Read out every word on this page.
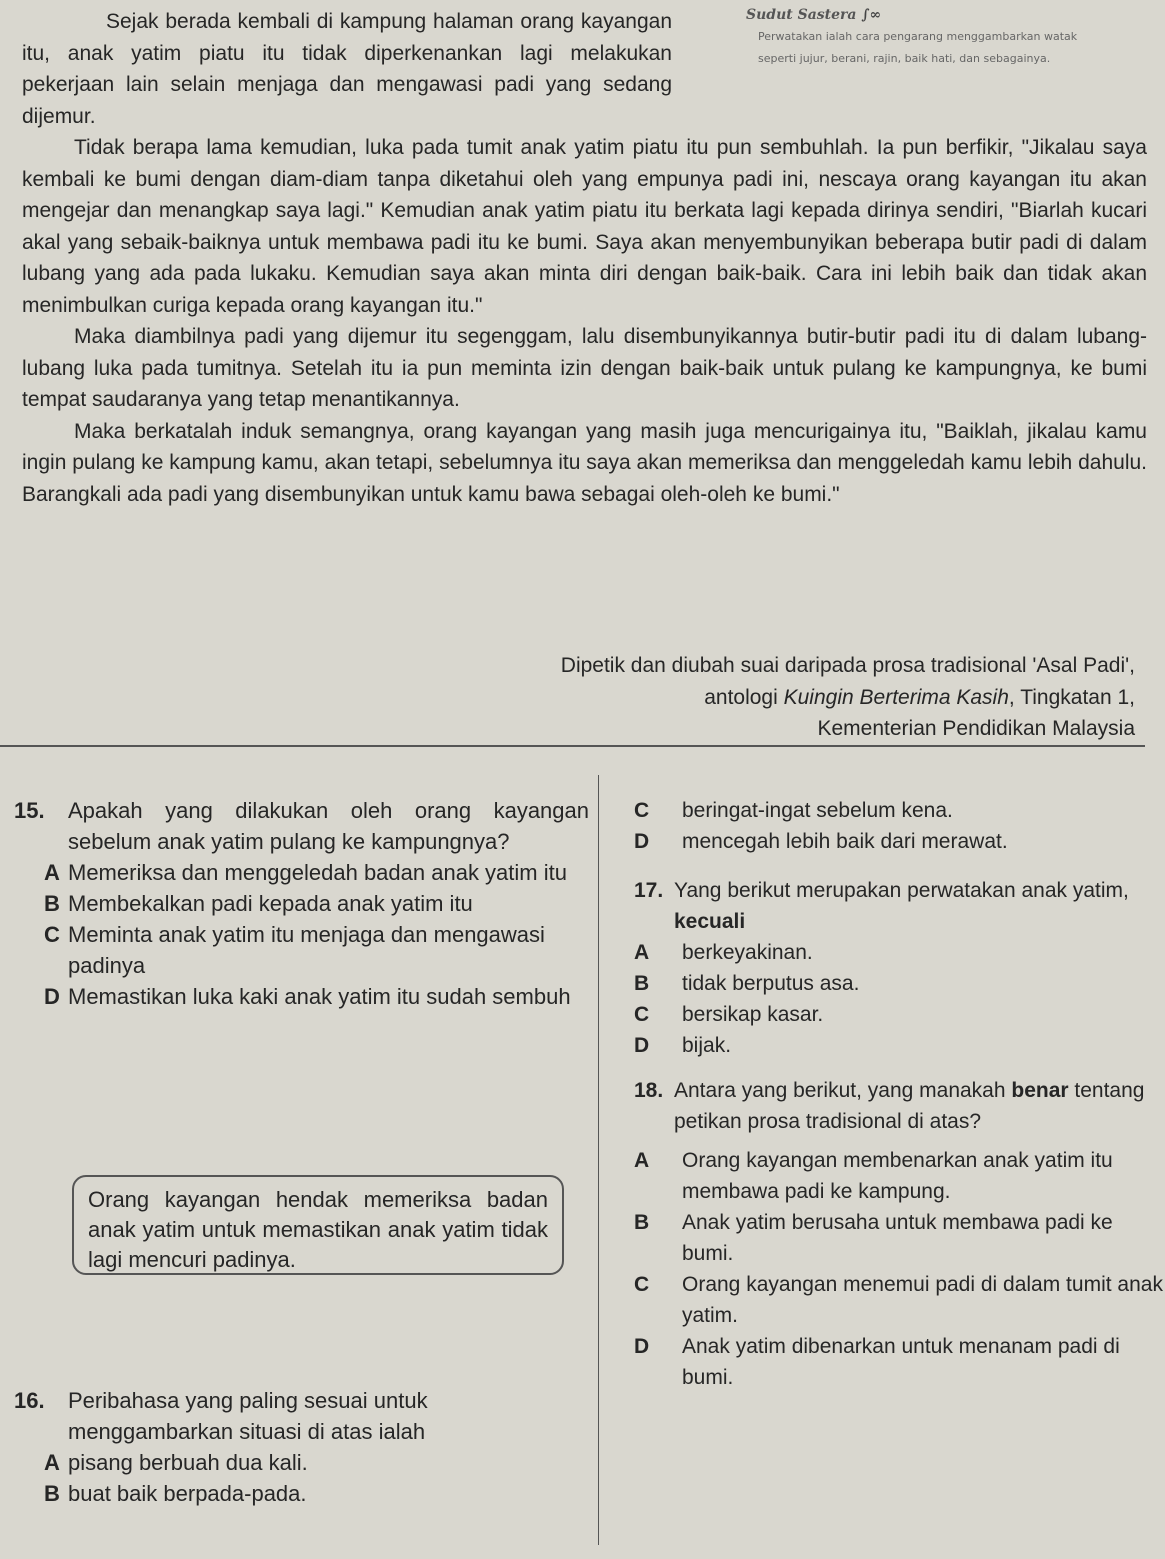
Sudut Sastera ∫∞
Perwatakan ialah cara pengarang menggambarkan watak seperti jujur, berani, rajin, baik hati, dan sebagainya.

Sejak berada kembali di kampung halaman orang kayangan itu, anak yatim piatu itu tidak diperkenankan lagi melakukan pekerjaan lain selain menjaga dan mengawasi padi yang sedang dijemur.

Tidak berapa lama kemudian, luka pada tumit anak yatim piatu itu pun sembuhlah. Ia pun berfikir, "Jikalau saya kembali ke bumi dengan diam-diam tanpa diketahui oleh yang empunya padi ini, nescaya orang kayangan itu akan mengejar dan menangkap saya lagi." Kemudian anak yatim piatu itu berkata lagi kepada dirinya sendiri, "Biarlah kucari akal yang sebaik-baiknya untuk membawa padi itu ke bumi. Saya akan menyembunyikan beberapa butir padi di dalam lubang yang ada pada lukaku. Kemudian saya akan minta diri dengan baik-baik. Cara ini lebih baik dan tidak akan menimbulkan curiga kepada orang kayangan itu."

Maka diambilnya padi yang dijemur itu segenggam, lalu disembunyikannya butir-butir padi itu di dalam lubang-lubang luka pada tumitnya. Setelah itu ia pun meminta izin dengan baik-baik untuk pulang ke kampungnya, ke bumi tempat saudaranya yang tetap menantikannya.

Maka berkatalah induk semangnya, orang kayangan yang masih juga mencurigainya itu, "Baiklah, jikalau kamu ingin pulang ke kampung kamu, akan tetapi, sebelumnya itu saya akan memeriksa dan menggeledah kamu lebih dahulu. Barangkali ada padi yang disembunyikan untuk kamu bawa sebagai oleh-oleh ke bumi."

Dipetik dan diubah suai daripada prosa tradisional 'Asal Padi',
antologi Kuingin Berterima Kasih, Tingkatan 1,
Kementerian Pendidikan Malaysia

15.	Apakah yang dilakukan oleh orang kayangan sebelum anak yatim pulang ke kampungnya?

A Memeriksa dan menggeledah badan anak yatim itu

B Membekalkan padi kepada anak yatim itu

C Meminta anak yatim itu menjaga dan mengawasi padinya

D Memastikan luka kaki anak yatim itu sudah sembuh

Orang kayangan hendak memeriksa badan anak yatim untuk memastikan anak yatim tidak lagi mencuri padinya.

16.	Peribahasa yang paling sesuai untuk menggambarkan situasi di atas ialah

A pisang berbuah dua kali.

B buat baik berpada-pada.

C beringat-ingat sebelum kena.

D mencegah lebih baik dari merawat.

17. Yang berikut merupakan perwatakan anak yatim, kecuali

A berkeyakinan.

B tidak berputus asa.

C bersikap kasar.

D bijak.

18. Antara yang berikut, yang manakah benar tentang petikan prosa tradisional di atas?

A Orang kayangan membenarkan anak yatim itu membawa padi ke kampung.

B Anak yatim berusaha untuk membawa padi ke bumi.

C Orang kayangan menemui padi di dalam tumit anak yatim.

D Anak yatim dibenarkan untuk menanam padi di bumi.
